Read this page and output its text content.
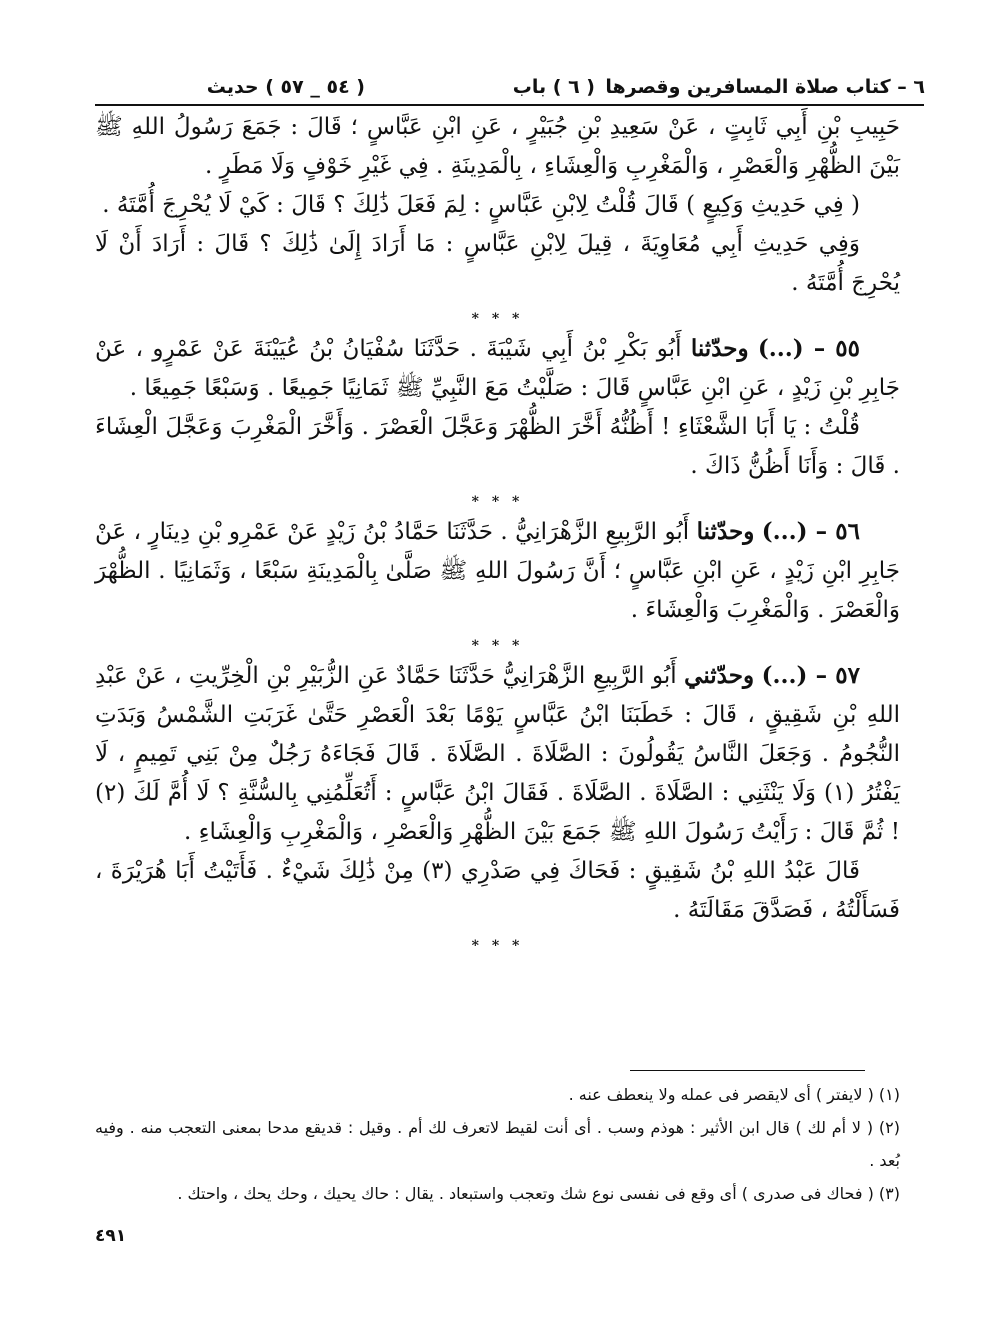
٦ – كتاب صلاة المسافرين وقصرها
( ٦ ) باب
( ٥٤ _ ٥٧ ) حديث

حَبِيبِ بْنِ أَبِي ثَابِتٍ ، عَنْ سَعِيدِ بْنِ جُبَيْرٍ ، عَنِ ابْنِ عَبَّاسٍ ؛ قَالَ : جَمَعَ رَسُولُ اللهِ ﷺ بَيْنَ الظُّهْرِ وَالْعَصْرِ ، وَالْمَغْرِبِ وَالْعِشَاءِ ، بِالْمَدِينَةِ . فِي غَيْرِ خَوْفٍ وَلَا مَطَرٍ .

( فِي حَدِيثِ وَكِيعٍ ) قَالَ قُلْتُ لِابْنِ عَبَّاسٍ : لِمَ فَعَلَ ذَٰلِكَ ؟ قَالَ : كَيْ لَا يُحْرِجَ أُمَّتَهُ .

وَفِي حَدِيثِ أَبِي مُعَاوِيَةَ ، قِيلَ لِابْنِ عَبَّاسٍ : مَا أَرَادَ إِلَىٰ ذَٰلِكَ ؟ قَالَ : أَرَادَ أَنْ لَا يُحْرِجَ أُمَّتَهُ .

* * *

٥٥ – (...) وحدّثنا أَبُو بَكْرِ بْنُ أَبِي شَيْبَةَ . حَدَّثَنَا سُفْيَانُ بْنُ عُيَيْنَةَ عَنْ عَمْرٍو ، عَنْ جَابِرِ بْنِ زَيْدٍ ، عَنِ ابْنِ عَبَّاسٍ قَالَ : صَلَّيْتُ مَعَ النَّبِيِّ ﷺ ثَمَانِيًا جَمِيعًا . وَسَبْعًا جَمِيعًا .

قُلْتُ : يَا أَبَا الشَّعْثَاءِ ! أَظُنُّهُ أَخَّرَ الظُّهْرَ وَعَجَّلَ الْعَصْرَ . وَأَخَّرَ الْمَغْرِبَ وَعَجَّلَ الْعِشَاءَ . قَالَ : وَأَنَا أَظُنُّ ذَاكَ .

* * *

٥٦ – (...) وحدّثنا أَبُو الرَّبِيعِ الزَّهْرَانِيُّ . حَدَّثَنَا حَمَّادُ بْنُ زَيْدٍ عَنْ عَمْرِو بْنِ دِينَارٍ ، عَنْ جَابِرِ ابْنِ زَيْدٍ ، عَنِ ابْنِ عَبَّاسٍ ؛ أَنَّ رَسُولَ اللهِ ﷺ صَلَّىٰ بِالْمَدِينَةِ سَبْعًا ، وَثَمَانِيًا . الظُّهْرَ وَالْعَصْرَ . وَالْمَغْرِبَ وَالْعِشَاءَ .

* * *

٥٧ – (...) وحدّثني أَبُو الرَّبِيعِ الزَّهْرَانِيُّ حَدَّثَنَا حَمَّادٌ عَنِ الزُّبَيْرِ بْنِ الْخِرِّيتِ ، عَنْ عَبْدِ اللهِ بْنِ شَقِيقٍ ، قَالَ : خَطَبَنَا ابْنُ عَبَّاسٍ يَوْمًا بَعْدَ الْعَصْرِ حَتَّىٰ غَرَبَتِ الشَّمْسُ وَبَدَتِ النُّجُومُ . وَجَعَلَ النَّاسُ يَقُولُونَ : الصَّلَاةَ . الصَّلَاةَ . قَالَ فَجَاءَهُ رَجُلٌ مِنْ بَنِي تَمِيمٍ ، لَا يَفْتُرُ (١) وَلَا يَنْثَنِي : الصَّلَاةَ . الصَّلَاةَ . فَقَالَ ابْنُ عَبَّاسٍ : أَتُعَلِّمُنِي بِالسُّنَّةِ ؟ لَا أُمَّ لَكَ (٢) ! ثُمَّ قَالَ : رَأَيْتُ رَسُولَ اللهِ ﷺ جَمَعَ بَيْنَ الظُّهْرِ وَالْعَصْرِ ، وَالْمَغْرِبِ وَالْعِشَاءِ .

قَالَ عَبْدُ اللهِ بْنُ شَقِيقٍ : فَحَاكَ فِي صَدْرِي (٣) مِنْ ذَٰلِكَ شَيْءٌ . فَأَتَيْتُ أَبَا هُرَيْرَةَ ، فَسَأَلْتُهُ ، فَصَدَّقَ مَقَالَتَهُ .

* * *

(١) ( لايفتر ) أى لايقصر فى عمله ولا ينعطف عنه .

(٢) ( لا أم لك ) قال ابن الأثير : هوذم وسب . أى أنت لقيط لاتعرف لك أم . وقيل : قديقع مدحا بمعنى التعجب منه . وفيه بُعد .

(٣) ( فحاك فى صدرى ) أى وقع فى نفسى نوع شك وتعجب واستبعاد . يقال : حاك يحيك ، وحك يحك ، واحتك .

٤٩١
